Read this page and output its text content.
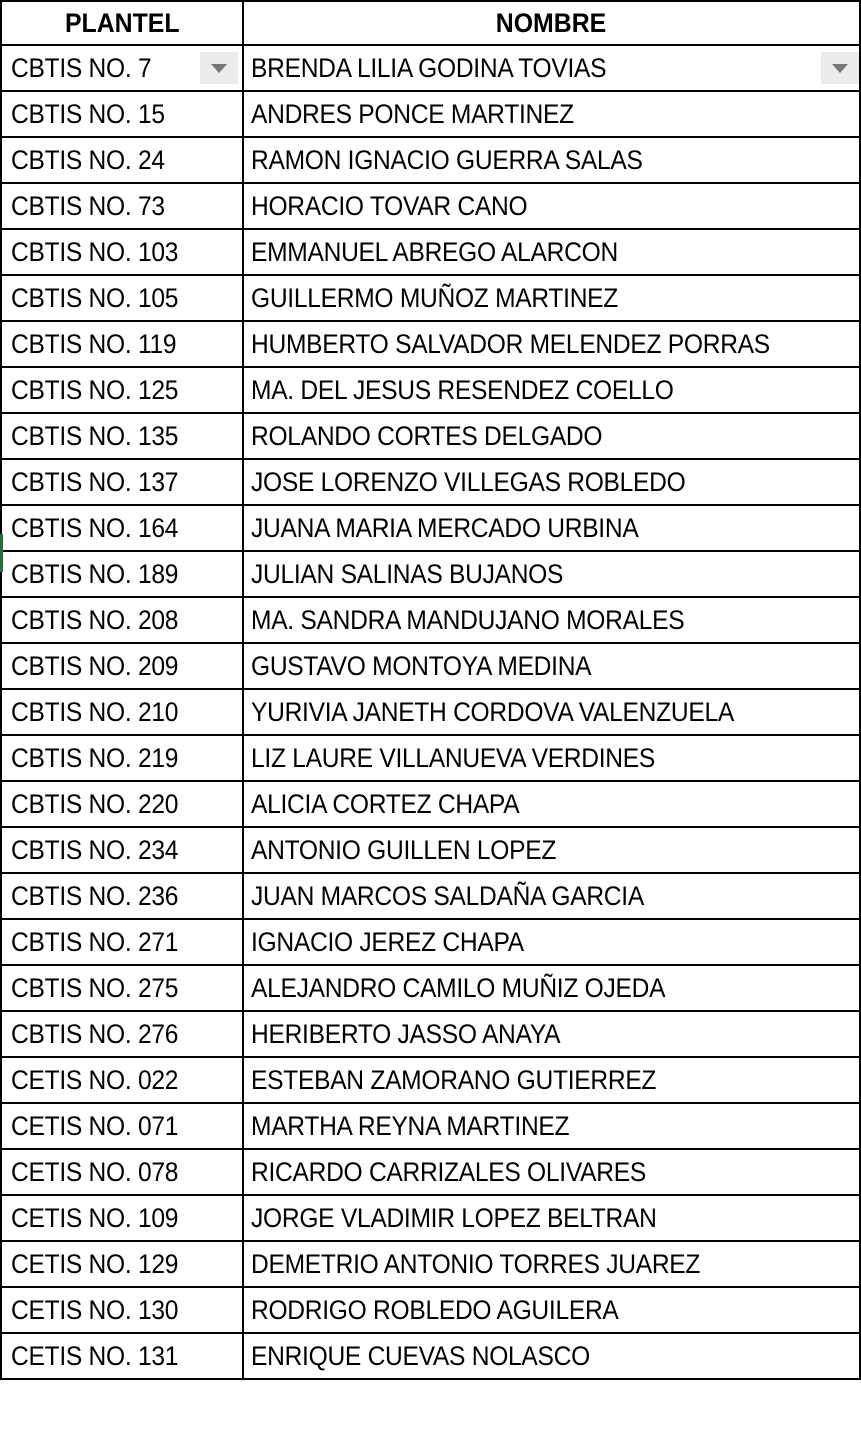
PLANTEL	NOMBRE
CBTIS NO. 7	BRENDA LILIA GODINA TOVIAS

CBTIS NO. 15	ANDRES PONCE MARTINEZ
CBTIS NO. 24	RAMON IGNACIO GUERRA SALAS
CBTIS NO. 73	HORACIO TOVAR CANO
CBTIS NO. 103	EMMANUEL ABREGO ALARCON
CBTIS NO. 105	GUILLERMO MUÑOZ MARTINEZ
CBTIS NO. 119	HUMBERTO SALVADOR MELENDEZ PORRAS
CBTIS NO. 125	MA. DEL JESUS RESENDEZ COELLO
CBTIS NO. 135	ROLANDO CORTES DELGADO
CBTIS NO. 137	JOSE LORENZO VILLEGAS ROBLEDO
CBTIS NO. 164	JUANA MARIA MERCADO URBINA
CBTIS NO. 189	JULIAN SALINAS BUJANOS
CBTIS NO. 208	MA. SANDRA MANDUJANO MORALES
CBTIS NO. 209	GUSTAVO MONTOYA MEDINA
CBTIS NO. 210	YURIVIA JANETH CORDOVA VALENZUELA
CBTIS NO. 219	LIZ LAURE VILLANUEVA VERDINES
CBTIS NO. 220	ALICIA CORTEZ CHAPA
CBTIS NO. 234	ANTONIO GUILLEN LOPEZ
CBTIS NO. 236	JUAN MARCOS SALDAÑA GARCIA
CBTIS NO. 271	IGNACIO JEREZ CHAPA
CBTIS NO. 275	ALEJANDRO CAMILO MUÑIZ OJEDA
CBTIS NO. 276	HERIBERTO JASSO ANAYA
CETIS NO. 022	ESTEBAN ZAMORANO GUTIERREZ
CETIS NO. 071	MARTHA REYNA MARTINEZ
CETIS NO. 078	RICARDO CARRIZALES OLIVARES
CETIS NO. 109	JORGE VLADIMIR LOPEZ BELTRAN
CETIS NO. 129	DEMETRIO ANTONIO TORRES JUAREZ
CETIS NO. 130	RODRIGO ROBLEDO AGUILERA
CETIS NO. 131	ENRIQUE CUEVAS NOLASCO
